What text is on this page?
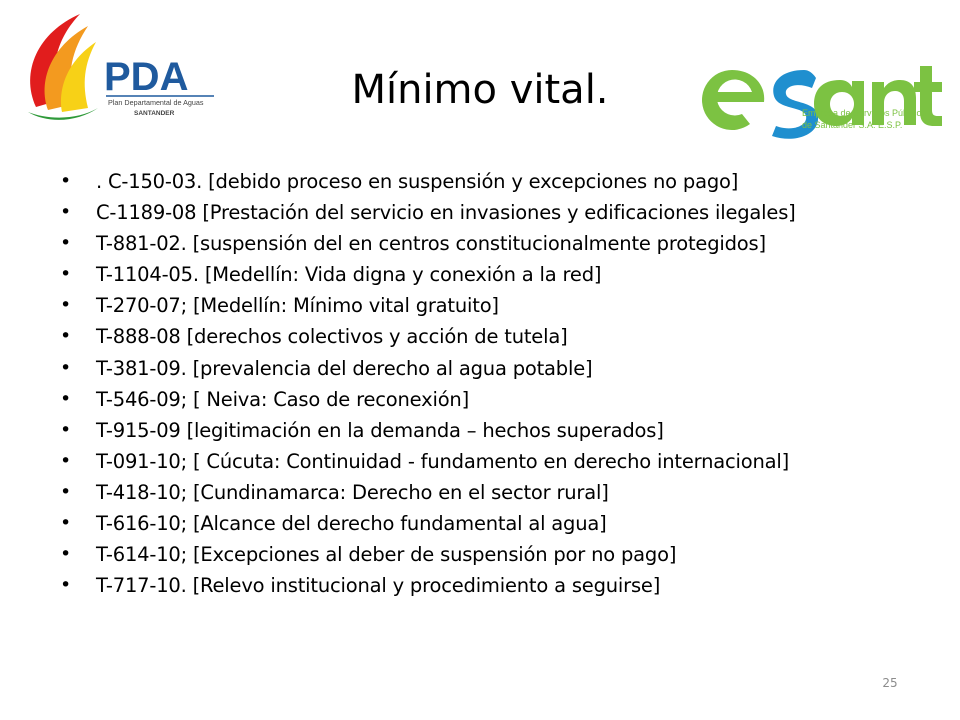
PDA
Plan Departamental de Aguas
SANTANDER	Empresa de Servicios Públicos
de Santander S.A. E.S.P.
Mínimo vital.
• . C-150-03. [debido proceso en suspensión y excepciones no pago]
• C-1189-08 [Prestación del servicio en invasiones y edificaciones ilegales]
• T-881-02. [suspensión del en centros constitucionalmente protegidos]
• T-1104-05. [Medellín: Vida digna y conexión a la red]
• T-270-07; [Medellín: Mínimo vital gratuito]
• T-888-08 [derechos colectivos y acción de tutela]
• T-381-09. [prevalencia del derecho al agua potable]
• T-546-09; [ Neiva: Caso de reconexión]
• T-915-09 [legitimación en la demanda – hechos superados]
• T-091-10; [ Cúcuta: Continuidad - fundamento en derecho internacional]
• T-418-10; [Cundinamarca: Derecho en el sector rural]
• T-616-10; [Alcance del derecho fundamental al agua]
• T-614-10; [Excepciones al deber de suspensión por no pago]
• T-717-10. [Relevo institucional y procedimiento a seguirse]
25
